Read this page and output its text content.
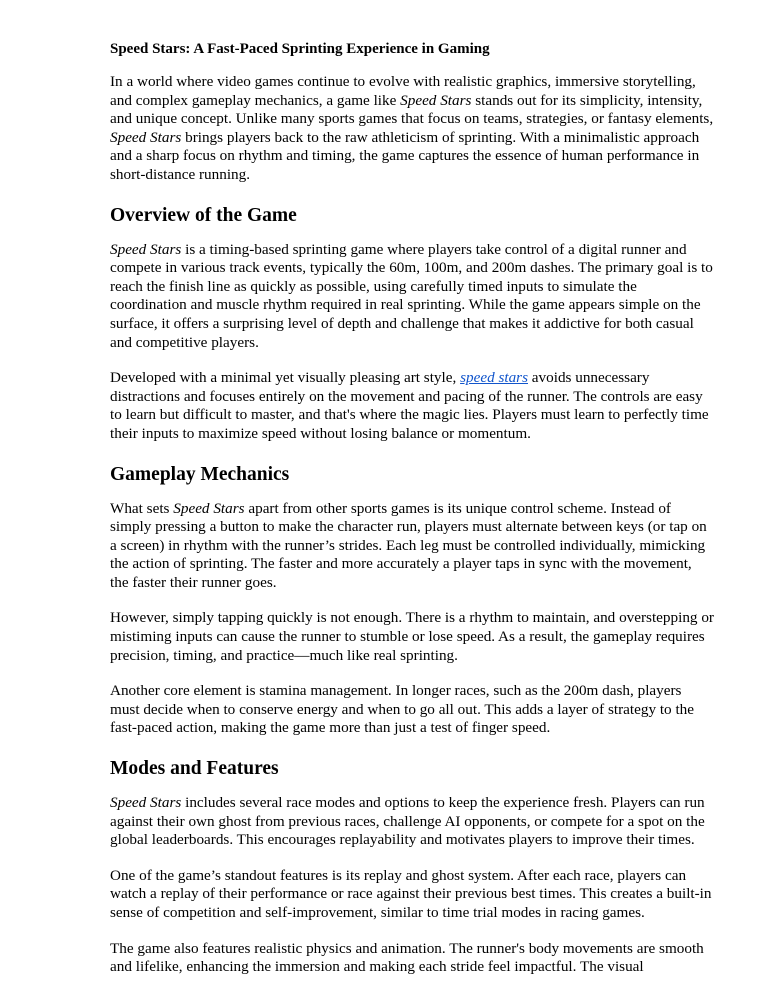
Speed Stars: A Fast-Paced Sprinting Experience in Gaming

In a world where video games continue to evolve with realistic graphics, immersive storytelling, and complex gameplay mechanics, a game like Speed Stars stands out for its simplicity, intensity, and unique concept. Unlike many sports games that focus on teams, strategies, or fantasy elements, Speed Stars brings players back to the raw athleticism of sprinting. With a minimalistic approach and a sharp focus on rhythm and timing, the game captures the essence of human performance in short-distance running.

Overview of the Game

Speed Stars is a timing-based sprinting game where players take control of a digital runner and compete in various track events, typically the 60m, 100m, and 200m dashes. The primary goal is to reach the finish line as quickly as possible, using carefully timed inputs to simulate the coordination and muscle rhythm required in real sprinting. While the game appears simple on the surface, it offers a surprising level of depth and challenge that makes it addictive for both casual and competitive players.

Developed with a minimal yet visually pleasing art style, speed stars avoids unnecessary distractions and focuses entirely on the movement and pacing of the runner. The controls are easy to learn but difficult to master, and that's where the magic lies. Players must learn to perfectly time their inputs to maximize speed without losing balance or momentum.

Gameplay Mechanics

What sets Speed Stars apart from other sports games is its unique control scheme. Instead of simply pressing a button to make the character run, players must alternate between keys (or tap on a screen) in rhythm with the runner’s strides. Each leg must be controlled individually, mimicking the action of sprinting. The faster and more accurately a player taps in sync with the movement, the faster their runner goes.

However, simply tapping quickly is not enough. There is a rhythm to maintain, and overstepping or mistiming inputs can cause the runner to stumble or lose speed. As a result, the gameplay requires precision, timing, and practice—much like real sprinting.

Another core element is stamina management. In longer races, such as the 200m dash, players must decide when to conserve energy and when to go all out. This adds a layer of strategy to the fast-paced action, making the game more than just a test of finger speed.

Modes and Features

Speed Stars includes several race modes and options to keep the experience fresh. Players can run against their own ghost from previous races, challenge AI opponents, or compete for a spot on the global leaderboards. This encourages replayability and motivates players to improve their times.

One of the game’s standout features is its replay and ghost system. After each race, players can watch a replay of their performance or race against their previous best times. This creates a built-in sense of competition and self-improvement, similar to time trial modes in racing games.

The game also features realistic physics and animation. The runner's body movements are smooth and lifelike, enhancing the immersion and making each stride feel impactful. The visual
